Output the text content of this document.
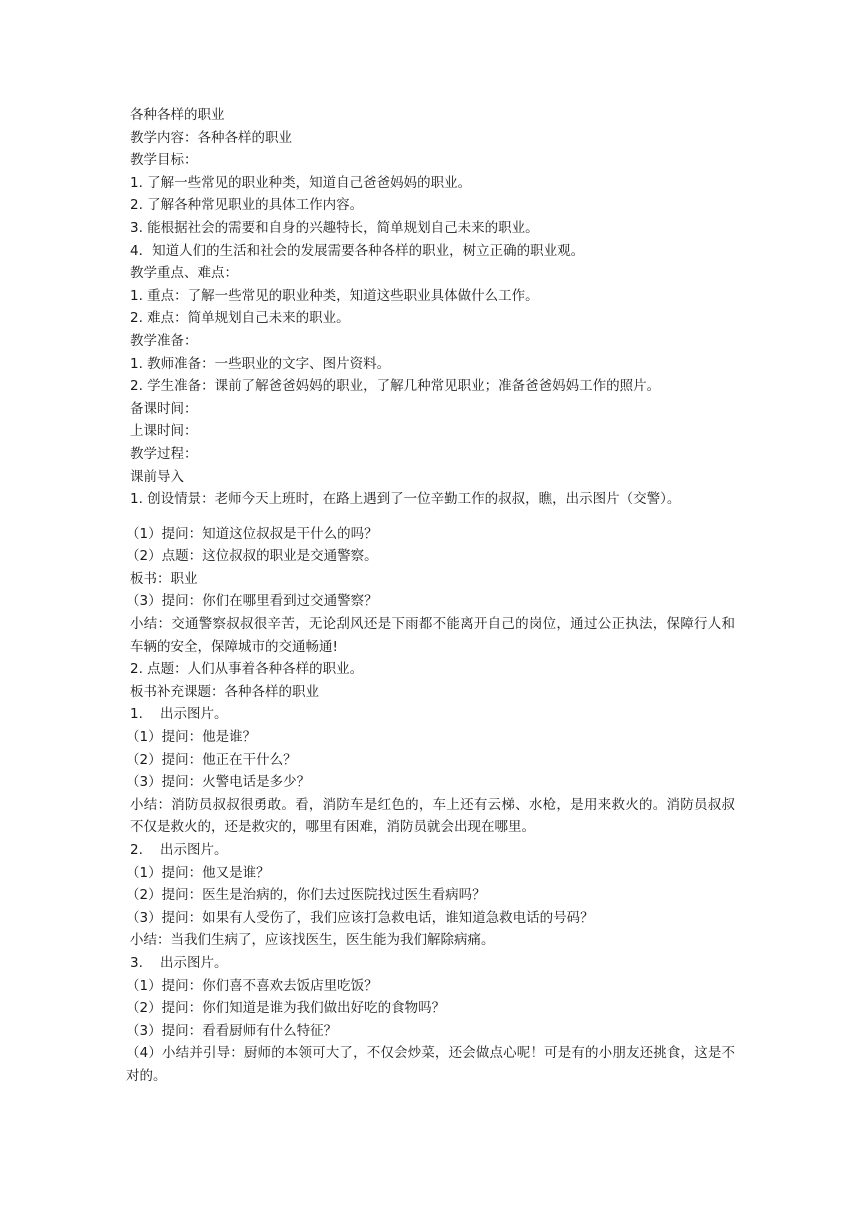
各种各样的职业
教学内容：各种各样的职业
教学目标：
1. 了解一些常见的职业种类，知道自己爸爸妈妈的职业。
2. 了解各种常见职业的具体工作内容。
3. 能根据社会的需要和自身的兴趣特长，简单规划自己未来的职业。
4．知道人们的生活和社会的发展需要各种各样的职业，树立正确的职业观。
教学重点、难点：
1. 重点：了解一些常见的职业种类，知道这些职业具体做什么工作。
2. 难点：简单规划自己未来的职业。
教学准备：
1. 教师准备：一些职业的文字、图片资料。
2. 学生准备：课前了解爸爸妈妈的职业，了解几种常见职业；准备爸爸妈妈工作的照片。
备课时间：
上课时间：
教学过程：
课前导入
1. 创设情景：老师今天上班时，在路上遇到了一位辛勤工作的叔叔，瞧，出示图片（交警）。
（1）提问：知道这位叔叔是干什么的吗？
（2）点题：这位叔叔的职业是交通警察。
板书：职业
（3）提问：你们在哪里看到过交通警察？
小结：交通警察叔叔很辛苦，无论刮风还是下雨都不能离开自己的岗位，通过公正执法，保障行人和车辆的安全，保障城市的交通畅通!
2. 点题：人们从事着各种各样的职业。
板书补充课题：各种各样的职业
1.    出示图片。
（1）提问：他是谁？
（2）提问：他正在干什么？
（3）提问：火警电话是多少？
小结：消防员叔叔很勇敢。看，消防车是红色的，车上还有云梯、水枪，是用来救火的。消防员叔叔不仅是救火的，还是救灾的，哪里有困难，消防员就会出现在哪里。
2.    出示图片。
（1）提问：他又是谁？
（2）提问：医生是治病的，你们去过医院找过医生看病吗？
（3）提问：如果有人受伤了，我们应该打急救电话，谁知道急救电话的号码？
小结：当我们生病了，应该找医生，医生能为我们解除病痛。
3.    出示图片。
（1）提问：你们喜不喜欢去饭店里吃饭？
（2）提问：你们知道是谁为我们做出好吃的食物吗？
（3）提问：看看厨师有什么特征？
（4）小结并引导：厨师的本领可大了，不仅会炒菜，还会做点心呢！可是有的小朋友还挑食，这是不对的。
